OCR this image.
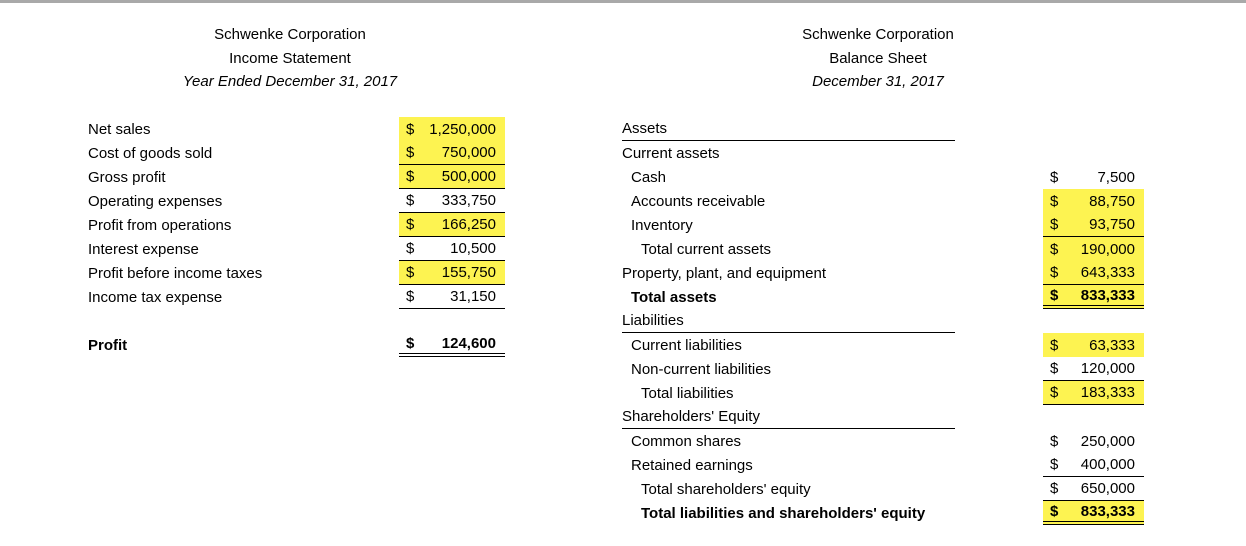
Schwenke Corporation
Income Statement
Year Ended December 31, 2017
Schwenke Corporation
Balance Sheet
December 31, 2017
Net sales	$ 1,250,000
Cost of goods sold	$ 750,000
Gross profit	$ 500,000
Operating expenses	$ 333,750
Profit from operations	$ 166,250
Interest expense	$ 10,500
Profit before income taxes	$ 155,750
Income tax expense	$ 31,150
Profit	$ 124,600
Assets
Current assets
Cash	$	7,500
Accounts receivable	$ 88,750
Inventory	$ 93,750
Total current assets	$ 190,000
Property, plant, and equipment	$ 643,333
Total assets	$ 833,333
Liabilities
Current liabilities	$ 63,333
Non-current liabilities	$ 120,000
Total liabilities	$ 183,333
Shareholders' Equity
Common shares	$ 250,000
Retained earnings	$ 400,000
Total shareholders' equity	$ 650,000
Total liabilities and shareholders' equity	$ 833,333
